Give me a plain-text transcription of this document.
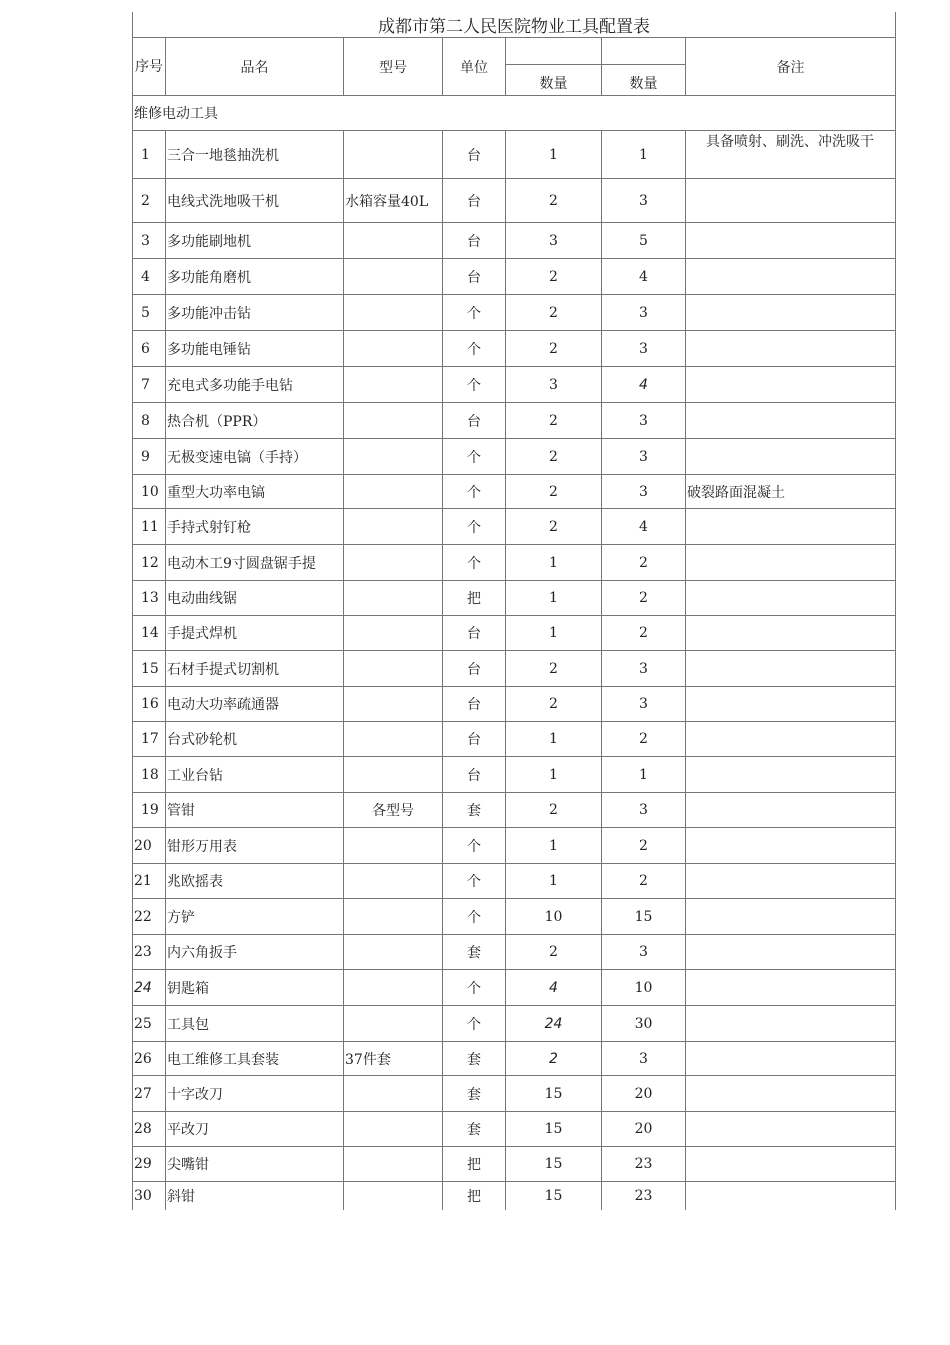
成都市第二人民医院物业工具配置表						
序号	品名	型号	单位			备注
				数量	数量	
维修电动工具						
1	三合一地毯抽洗机		台	1	1	具备喷射、刷洗、冲洗吸干
2	电线式洗地吸干机	水箱容量40L	台	2	3	
3	多功能刷地机		台	3	5	
4	多功能角磨机		台	2	4	
5	多功能冲击钻		个	2	3	
6	多功能电锤钻		个	2	3	
7	充电式多功能手电钻		个	3	4	
8	热合机（PPR）		台	2	3	
9	无极变速电镐（手持）		个	2	3	
10	重型大功率电镐		个	2	3	破裂路面混凝土
11	手持式射钉枪		个	2	4	
12	电动木工9寸圆盘锯手提		个	1	2	
13	电动曲线锯		把	1	2	
14	手提式焊机		台	1	2	
15	石材手提式切割机		台	2	3	
16	电动大功率疏通器		台	2	3	
17	台式砂轮机		台	1	2	
18	工业台钻		台	1	1	
19	管钳	各型号	套	2	3	
20	钳形万用表		个	1	2	
21	兆欧摇表		个	1	2	
22	方铲		个	10	15	
23	内六角扳手		套	2	3	
24	钥匙箱		个	4	10	
25	工具包		个	24	30	
26	电工维修工具套装	37件套	套	2	3	
27	十字改刀		套	15	20	
28	平改刀		套	15	20	
29	尖嘴钳		把	15	23	
30	斜钳		把	15	23	
